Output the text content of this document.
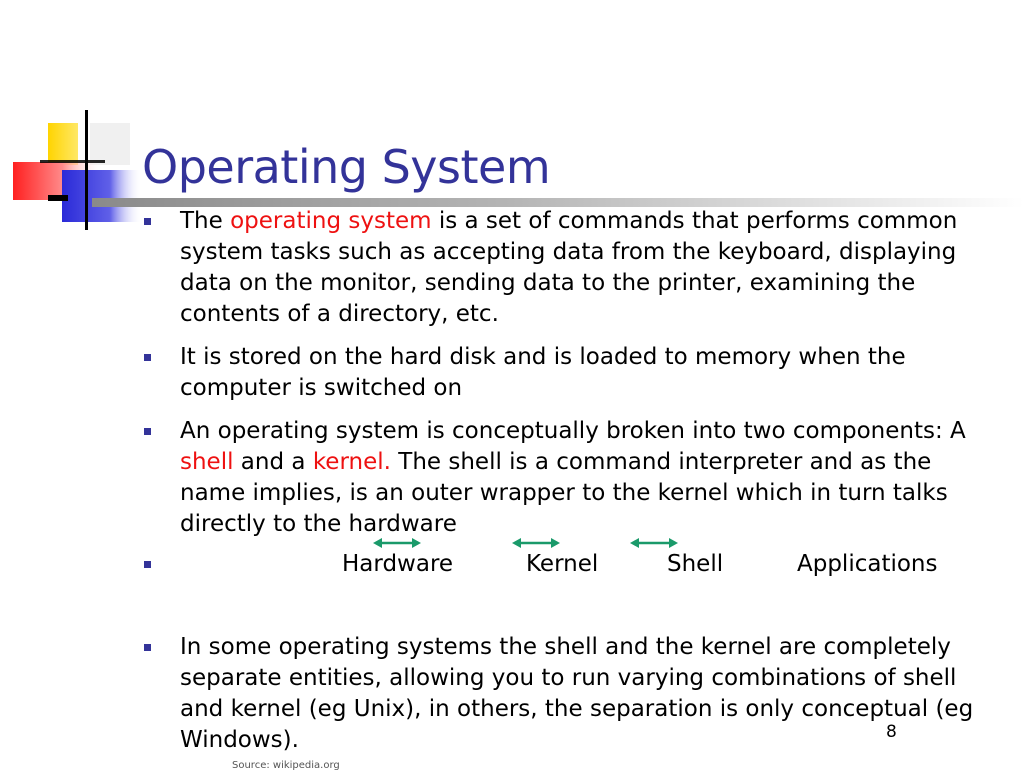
Operating System
The operating system is a set of commands that performs common system tasks such as accepting data from the keyboard, displaying data on the monitor, sending data to the printer, examining the contents of a directory, etc.
It is stored on the hard disk and is loaded to memory when the computer is switched on
An operating system is conceptually broken into two components: A shell and a kernel. The shell is a command interpreter and as the name implies, is an outer wrapper to the kernel which in turn talks directly to the hardware
Hardware	Kernel	Shell	Applications
In some operating systems the shell and the kernel are completely separate entities, allowing you to run varying combinations of shell and kernel (eg Unix), in others, the separation is only conceptual (eg Windows).	8
Source: wikipedia.org
